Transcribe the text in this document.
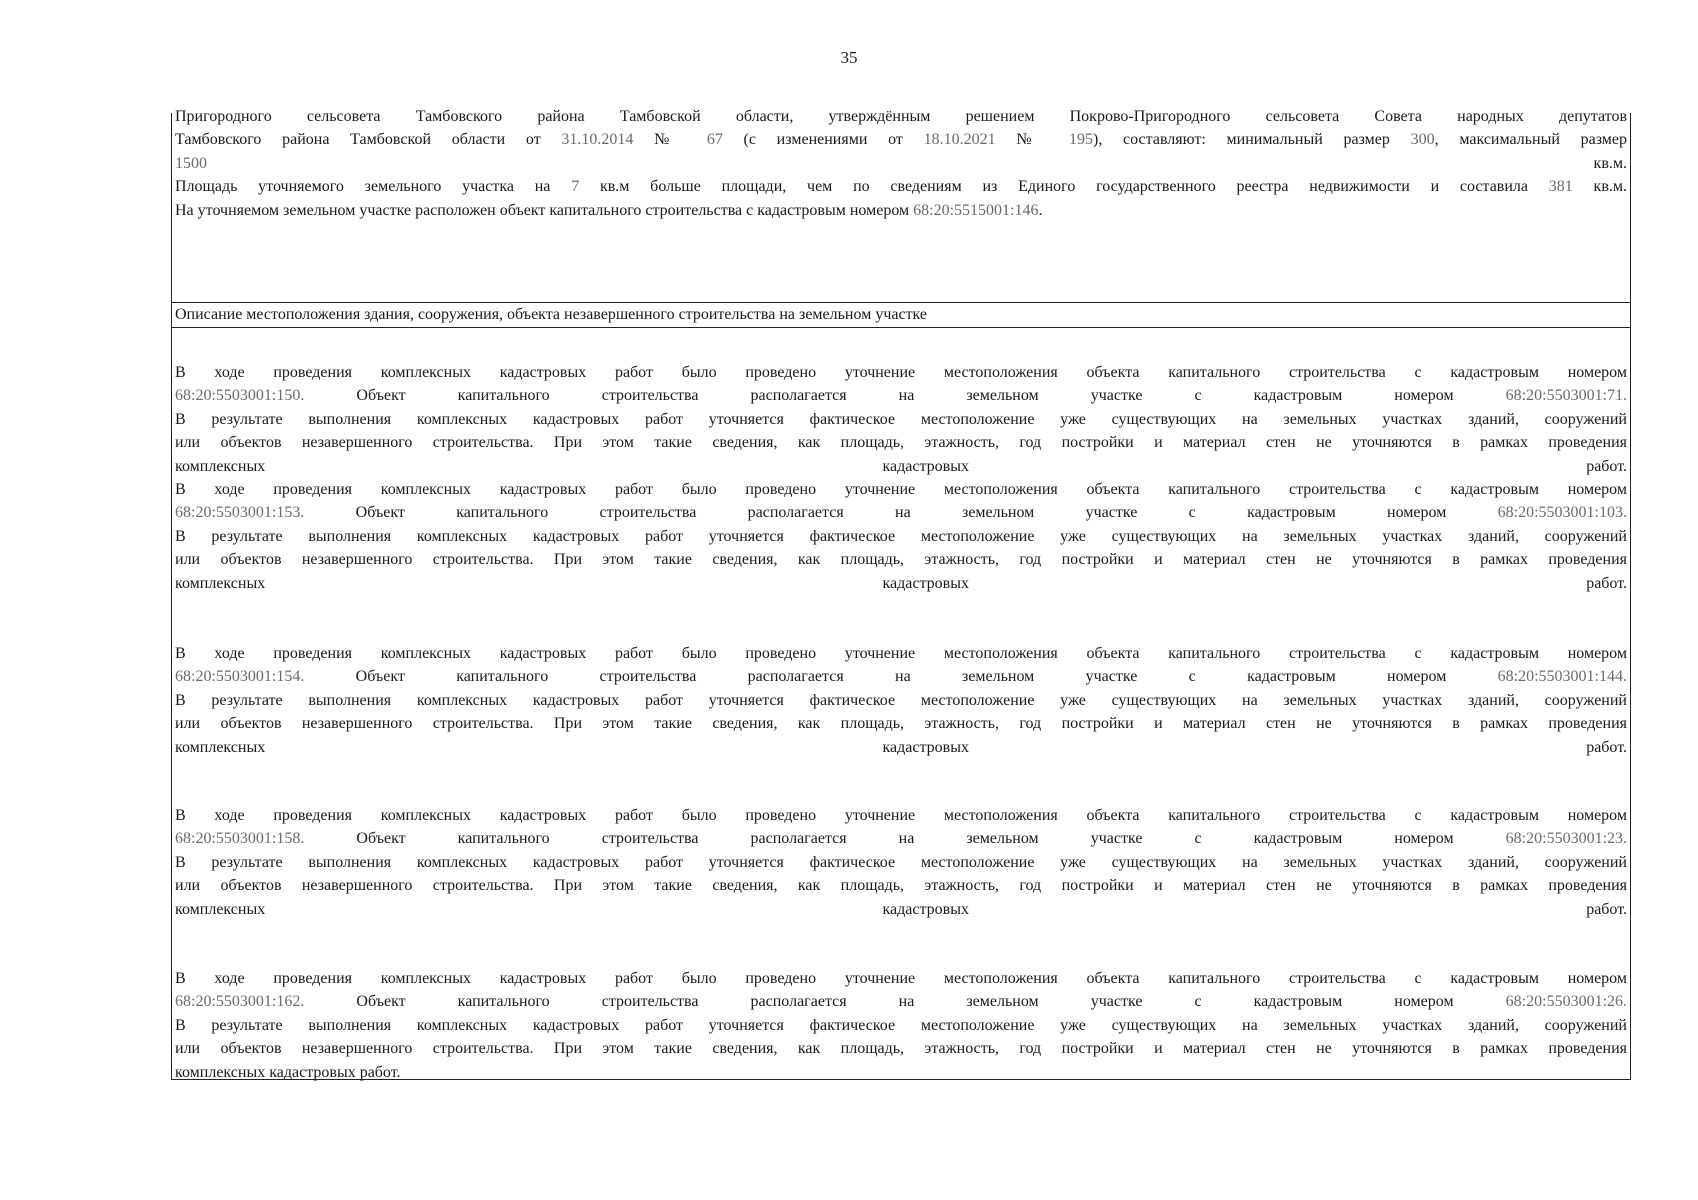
35

Пригородного сельсовета Тамбовского района Тамбовской области, утверждённым решением Покрово-Пригородного сельсовета Совета народных депутатов

Тамбовского района Тамбовской области от 31.10.2014 № 67 (с изменениями от 18.10.2021 № 195), составляют: минимальный размер 300, максимальный размер

1500	кв.м.

Площадь уточняемого земельного участка на 7 кв.м больше площади, чем по сведениям из Единого государственного реестра недвижимости и составила 381 кв.м.

На уточняемом земельном участке расположен объект капитального строительства с кадастровым номером 68:20:5515001:146.

Описание местоположения здания, сооружения, объекта незавершенного строительства на земельном участке

В ходе проведения комплексных кадастровых работ было проведено уточнение местоположения объекта капитального строительства с кадастровым номером

68:20:5503001:150.	Объект капитального строительства располагается на земельном участке с кадастровым номером	68:20:5503001:71.

В результате выполнения комплексных кадастровых работ уточняется фактическое местоположение уже существующих на земельных участках зданий, сооружений

или объектов незавершенного строительства. При этом такие сведения, как площадь, этажность, год постройки и материал стен не уточняются в рамках проведения

комплексных	кадастровых	работ.

В ходе проведения комплексных кадастровых работ было проведено уточнение местоположения объекта капитального строительства с кадастровым номером

68:20:5503001:153.	Объект капитального строительства располагается на земельном участке с кадастровым номером	68:20:5503001:103.

В результате выполнения комплексных кадастровых работ уточняется фактическое местоположение уже существующих на земельных участках зданий, сооружений

или объектов незавершенного строительства. При этом такие сведения, как площадь, этажность, год постройки и материал стен не уточняются в рамках проведения

комплексных	кадастровых	работ.

В ходе проведения комплексных кадастровых работ было проведено уточнение местоположения объекта капитального строительства с кадастровым номером

68:20:5503001:154.	Объект капитального строительства располагается на земельном участке с кадастровым номером	68:20:5503001:144.

В результате выполнения комплексных кадастровых работ уточняется фактическое местоположение уже существующих на земельных участках зданий, сооружений

или объектов незавершенного строительства. При этом такие сведения, как площадь, этажность, год постройки и материал стен не уточняются в рамках проведения

комплексных	кадастровых	работ.

В ходе проведения комплексных кадастровых работ было проведено уточнение местоположения объекта капитального строительства с кадастровым номером

68:20:5503001:158.	Объект капитального строительства располагается на земельном участке с кадастровым номером	68:20:5503001:23.

В результате выполнения комплексных кадастровых работ уточняется фактическое местоположение уже существующих на земельных участках зданий, сооружений

или объектов незавершенного строительства. При этом такие сведения, как площадь, этажность, год постройки и материал стен не уточняются в рамках проведения

комплексных	кадастровых	работ.

В ходе проведения комплексных кадастровых работ было проведено уточнение местоположения объекта капитального строительства с кадастровым номером

68:20:5503001:162.	Объект капитального строительства располагается на земельном участке с кадастровым номером	68:20:5503001:26.

В результате выполнения комплексных кадастровых работ уточняется фактическое местоположение уже существующих на земельных участках зданий, сооружений

или объектов незавершенного строительства. При этом такие сведения, как площадь, этажность, год постройки и материал стен не уточняются в рамках проведения

комплексных кадастровых работ.
